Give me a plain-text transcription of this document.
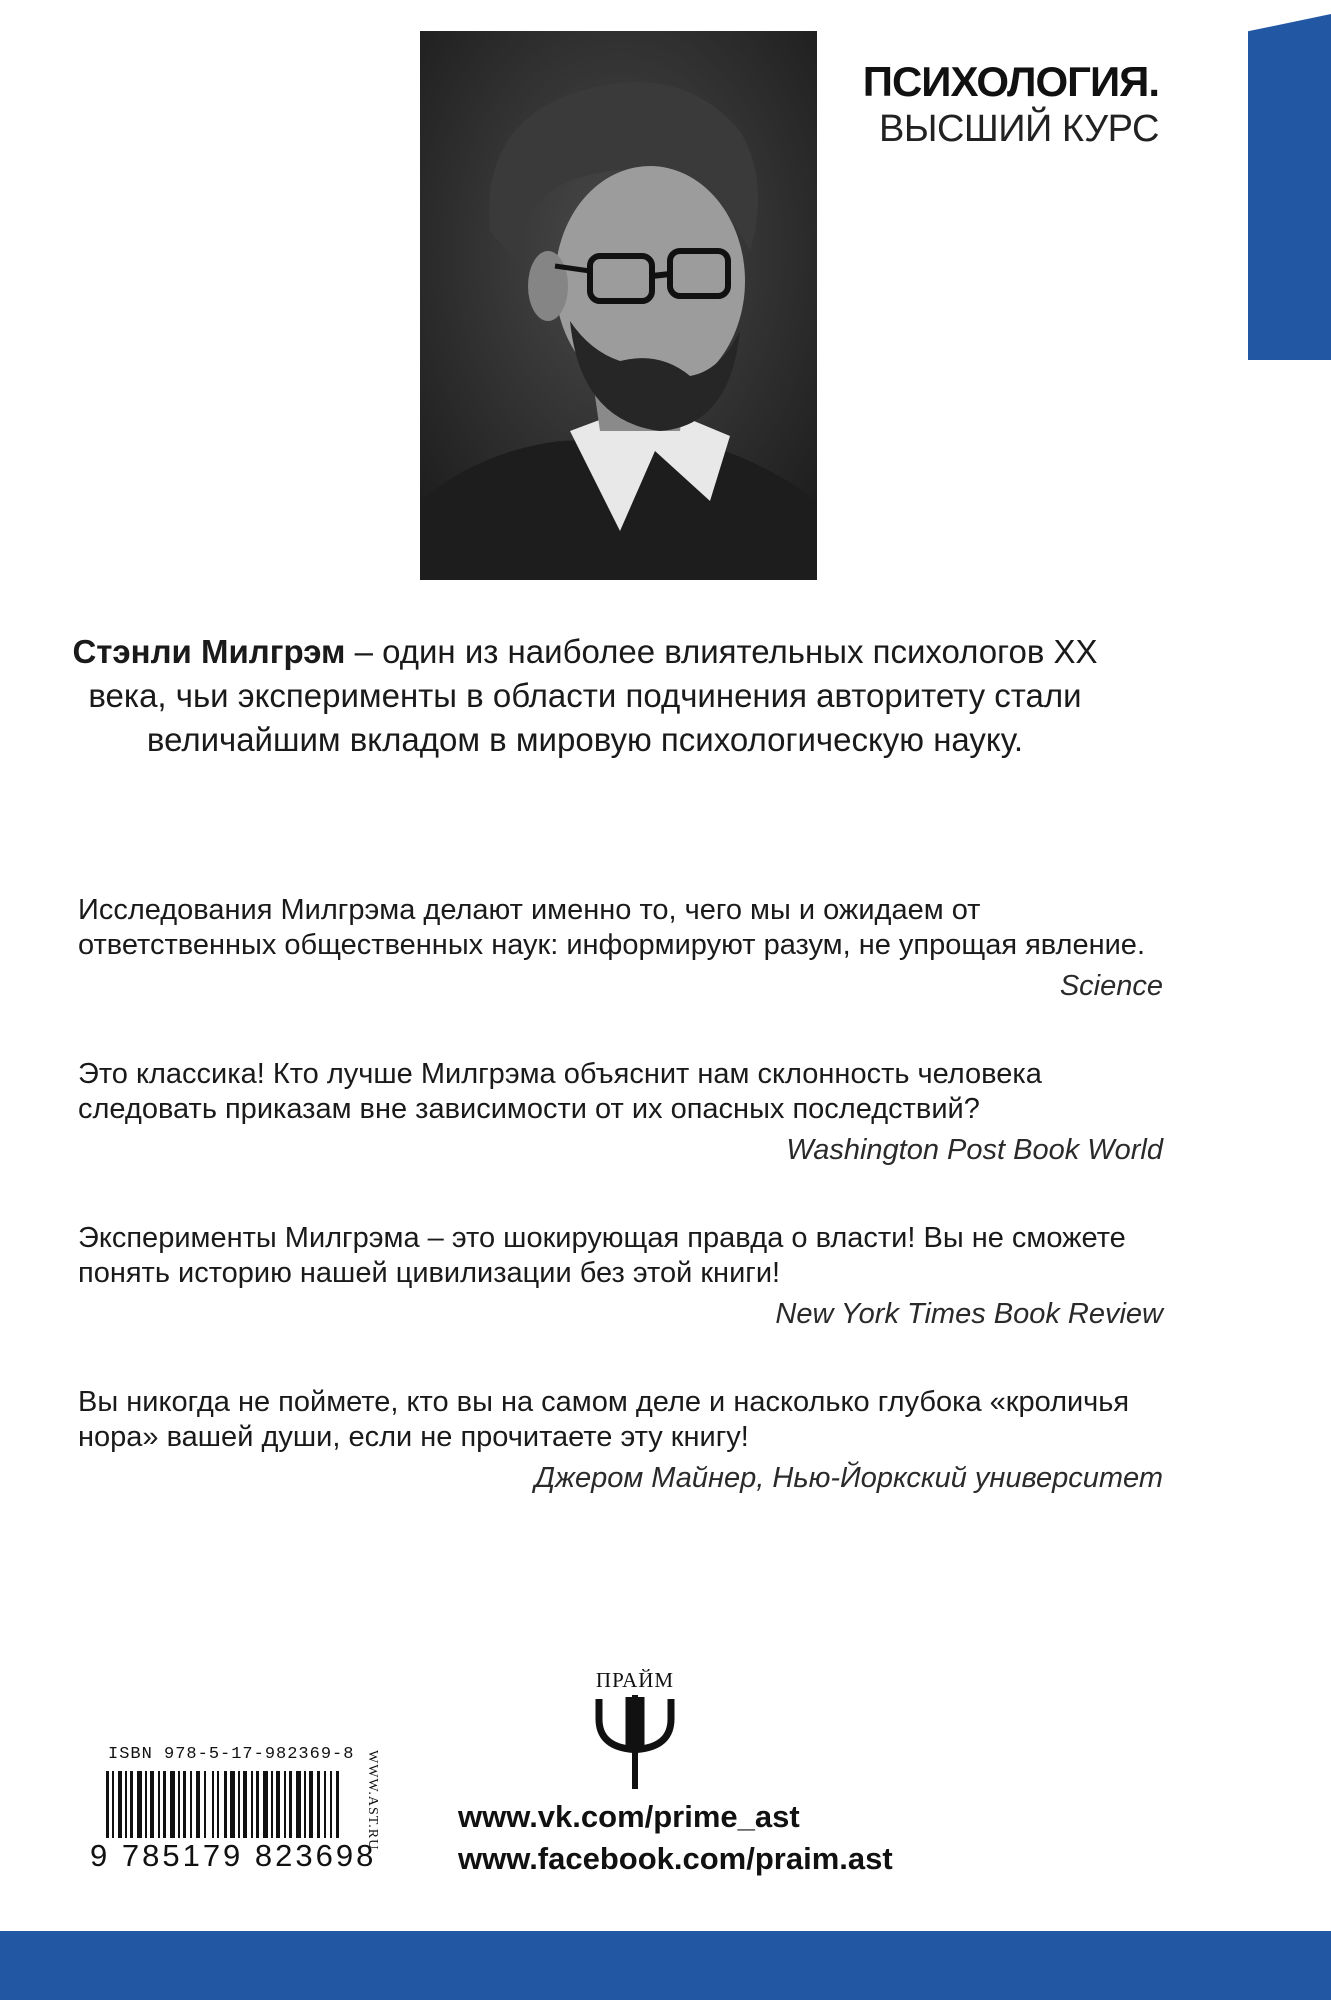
ПСИХОЛОГИЯ.
ВЫСШИЙ КУРС
Стэнли Милгрэм – один из наиболее влиятельных психологов XX века, чьи эксперименты в области подчинения авторитету стали величайшим вкладом в мировую психологическую науку.
Исследования Милгрэма делают именно то, чего мы и ожидаем от ответственных общественных наук: информируют разум, не упрощая явление.
Science
Это классика! Кто лучше Милгрэма объяснит нам склонность человека следовать приказам вне зависимости от их опасных последствий?
Washington Post Book World
Эксперименты Милгрэма – это шокирующая правда о власти! Вы не сможете понять историю нашей цивилизации без этой книги!
New York Times Book Review
Вы никогда не поймете, кто вы на самом деле и насколько глубока «кроличья нора» вашей души, если не прочитаете эту книгу!
Джером Майнер, Нью-Йоркский университет
ПРАЙМ
www.vk.com/prime_ast
www.facebook.com/praim.ast
ISBN 978-5-17-982369-8
9 785179 823698
WWW.AST.RU
